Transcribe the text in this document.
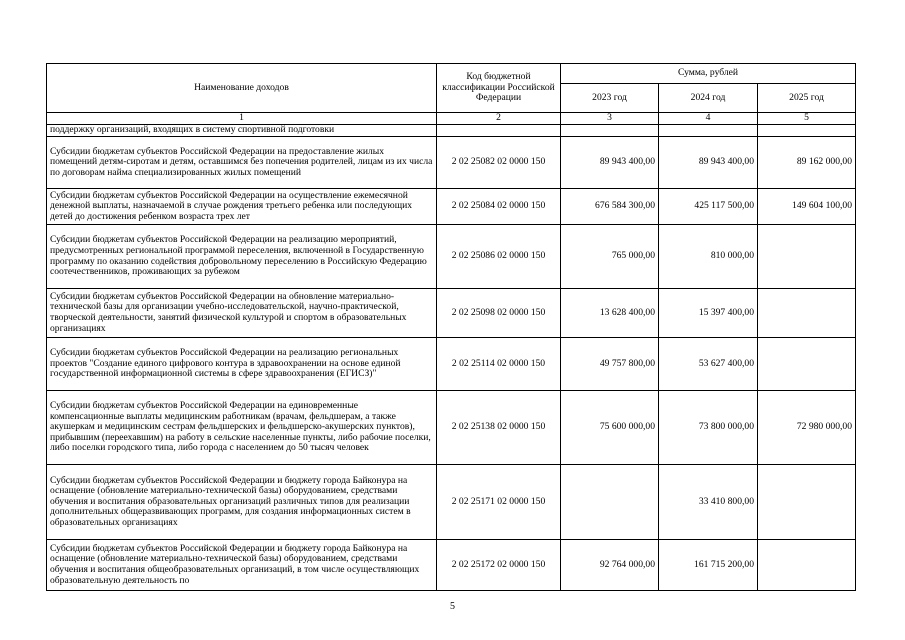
Наименование доходов	Код бюджетной классификации Российской Федерации	Сумма, рублей		
		2023 год	2024 год	2025 год
1	2	3	4	5
поддержку организаций, входящих в систему спортивной подготовки				
Субсидии бюджетам субъектов Российской Федерации на предоставление жилых помещений детям-сиротам и детям, оставшимся без попечения родителей, лицам из их числа по договорам найма специализированных жилых помещений	2 02 25082 02 0000 150	89 943 400,00	89 943 400,00	89 162 000,00
Субсидии бюджетам субъектов Российской Федерации на осуществление ежемесячной денежной выплаты, назначаемой в случае рождения третьего ребенка или последующих детей до достижения ребенком возраста трех лет	2 02 25084 02 0000 150	676 584 300,00	425 117 500,00	149 604 100,00
Субсидии бюджетам субъектов Российской Федерации на реализацию мероприятий, предусмотренных региональной программой переселения, включенной в Государственную программу по оказанию содействия добровольному переселению в Российскую Федерацию соотечественников, проживающих за рубежом	2 02 25086 02 0000 150	765 000,00	810 000,00	
Субсидии бюджетам субъектов Российской Федерации на обновление материально-технической базы для организации учебно-исследовательской, научно-практической, творческой деятельности, занятий физической культурой и спортом в образовательных организациях	2 02 25098 02 0000 150	13 628 400,00	15 397 400,00	
Субсидии бюджетам субъектов Российской Федерации на реализацию региональных проектов "Создание единого цифрового контура в здравоохранении на основе единой государственной информационной системы в сфере здравоохранения (ЕГИСЗ)"	2 02 25114 02 0000 150	49 757 800,00	53 627 400,00	
Субсидии бюджетам субъектов Российской Федерации на единовременные компенсационные выплаты медицинским работникам (врачам, фельдшерам, а также акушеркам и медицинским сестрам фельдшерских и фельдшерско-акушерских пунктов), прибывшим (переехавшим) на работу в сельские населенные пункты, либо рабочие поселки, либо поселки городского типа, либо города с населением до 50 тысяч человек	2 02 25138 02 0000 150	75 600 000,00	73 800 000,00	72 980 000,00
Субсидии бюджетам субъектов Российской Федерации и бюджету города Байконура на оснащение (обновление материально-технической базы) оборудованием, средствами обучения и воспитания образовательных организаций различных типов для реализации дополнительных общеразвивающих программ, для создания информационных систем в образовательных организациях	2 02 25171 02 0000 150		33 410 800,00	
Субсидии бюджетам субъектов Российской Федерации и бюджету города Байконура на оснащение (обновление материально-технической базы) оборудованием, средствами обучения и воспитания общеобразовательных организаций, в том числе осуществляющих образовательную деятельность по	2 02 25172 02 0000 150	92 764 000,00	161 715 200,00	
5
